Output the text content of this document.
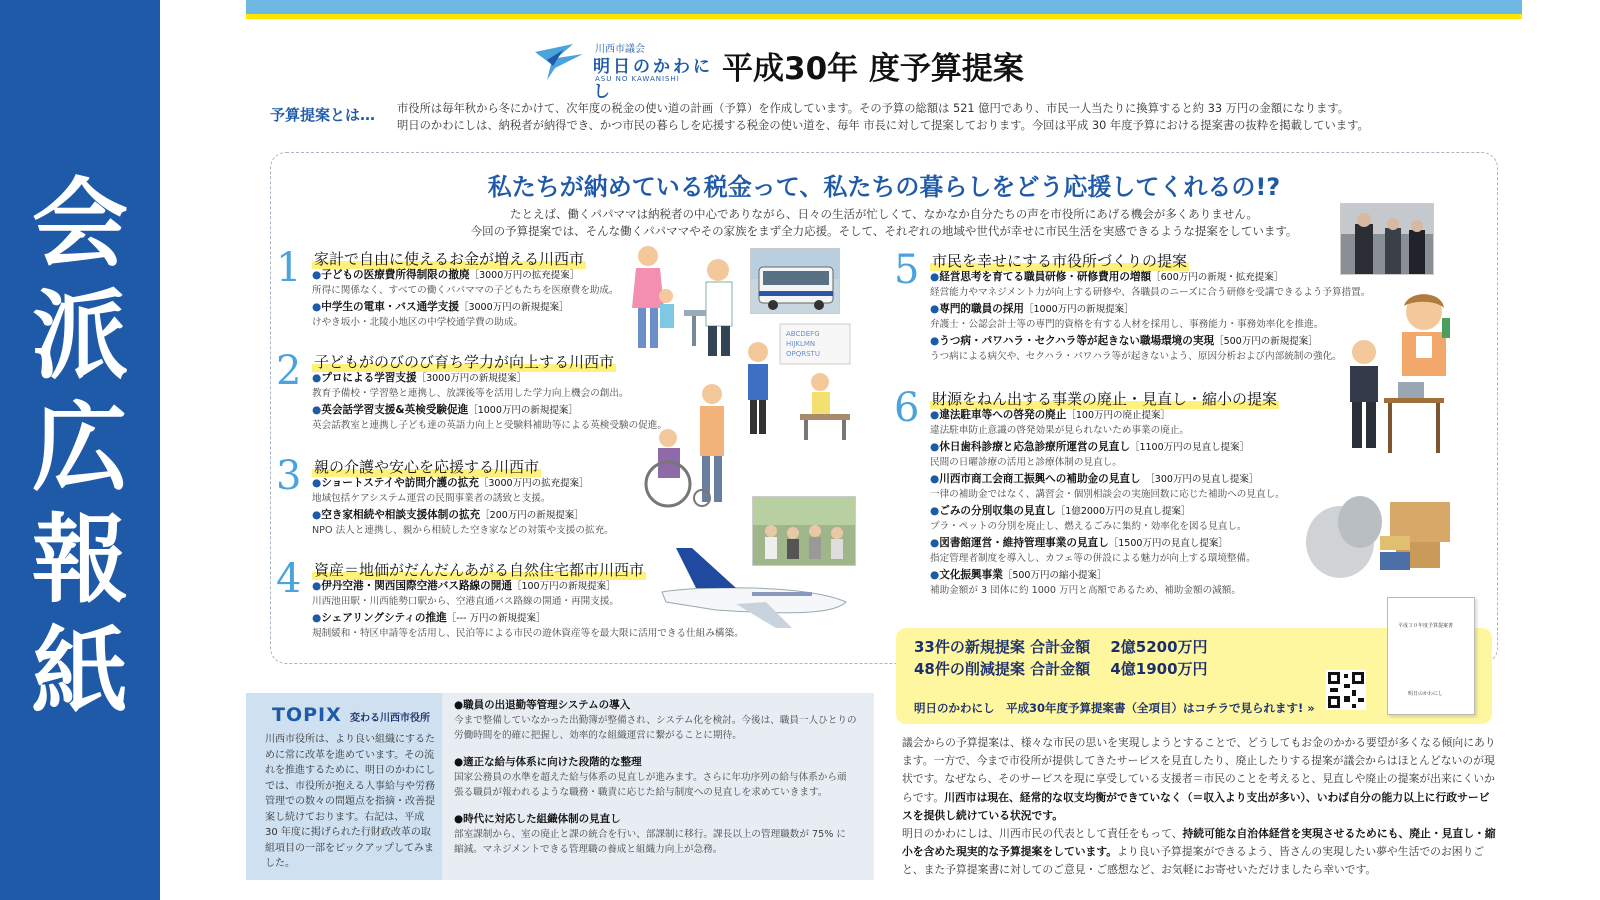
会
派
広
報
紙
川西市議会
明日のかわにし
ASU NO KAWANISHI 平成30年 度予算提案
予算提案とは… 市役所は毎年秋から冬にかけて、次年度の税金の使い道の計画（予算）を作成しています。その予算の総額は 521 億円であり、市民一人当たりに換算すると約 33 万円の金額になります。
明日のかわにしは、納税者が納得でき、かつ市民の暮らしを応援する税金の使い道を、毎年 市長に対して提案しております。今回は平成 30 年度予算における提案書の抜粋を掲載しています。
私たちが納めている税金って、私たちの暮らしをどう応援してくれるの!?
たとえば、働くパパママは納税者の中心でありながら、日々の生活が忙しくて、なかなか自分たちの声を市役所にあげる機会が多くありません。
今回の予算提案では、そんな働くパパママやその家族をまず全力応援。そして、それぞれの地域や世代が幸せに市民生活を実感できるような提案をしています。
1 家計で自由に使えるお金が増える川西市
●子どもの医療費所得制限の撤廃［3000万円の拡充提案］
所得に関係なく、すべての働くパパママの子どもたちを医療費を助成。
●中学生の電車・バス通学支援［3000万円の新規提案］
けやき坂小・北陵小地区の中学校通学費の助成。
2 子どもがのびのび育ち学力が向上する川西市
●プロによる学習支援［3000万円の新規提案］
教育予備校・学習塾と連携し、放課後等を活用した学力向上機会の創出。
●英会話学習支援&英検受験促進［1000万円の新規提案］
英会話教室と連携し子ども達の英語力向上と受験料補助等による英検受験の促進。
3 親の介護や安心を応援する川西市
●ショートステイや訪問介護の拡充［3000万円の拡充提案］
地域包括ケアシステム運営の民間事業者の誘致と支援。
●空き家相続や相談支援体制の拡充［200万円の新規提案］
NPO 法人と連携し、親から相続した空き家などの対策や支援の拡充。
4 資産＝地価がだんだんあがる自然住宅都市川西市
●伊丹空港・関西国際空港バス路線の開通［100万円の新規提案］
川西池田駅・川西能勢口駅から、空港直通バス路線の開通・再開支援。
●シェアリングシティの推進［--- 万円の新規提案］
規制緩和・特区申請等を活用し、民泊等による市民の遊休資産等を最大限に活用できる仕組み構築。
5 市民を幸せにする市役所づくりの提案
●経営思考を育てる職員研修・研修費用の増額［600万円の新規・拡充提案］
経営能力やマネジメント力が向上する研修や、各職員のニーズに合う研修を受講できるよう予算措置。
●専門的職員の採用［1000万円の新規提案］
弁護士・公認会計士等の専門的資格を有する人材を採用し、事務能力・事務効率化を推進。
●うつ病・パワハラ・セクハラ等が起きない職場環境の実現［500万円の新規提案］
うつ病による病欠や、セクハラ・パワハラ等が起きないよう、原因分析および内部統制の強化。
6 財源をねん出する事業の廃止・見直し・縮小の提案
●違法駐車等への啓発の廃止［100万円の廃止提案］
違法駐車防止意識の啓発効果が見られないため事業の廃止。
●休日歯科診療と応急診療所運営の見直し［1100万円の見直し提案］
民間の日曜診療の活用と診療体制の見直し。
●川西市商工会商工振興への補助金の見直し　［300万円の見直し提案］
一律の補助金ではなく、講習会・個別相談会の実施回数に応じた補助への見直し。
●ごみの分別収集の見直し［1億2000万円の見直し提案］
プラ・ペットの分別を廃止し、燃えるごみに集約・効率化を図る見直し。
●図書館運営・維持管理事業の見直し［1500万円の見直し提案］
指定管理者制度を導入し、カフェ等の併設による魅力が向上する環境整備。
●文化振興事業［500万円の縮小提案］
補助金額が 3 団体に約 1000 万円と高額であるため、補助金額の減額。
ABCDEFG
HIJKLMN
OPQRSTU
33件の新規提案 合計金額　 2億5200万円
48件の削減提案 合計金額　 4億1900万円
明日のかわにし　平成30年度予算提案書（全項目）はコチラで見られます! »
平成３０年度予算提案書
明日のかわにし
TOPIX 変わる川西市役所
川西市役所は、より良い組織にするために常に改革を進めています。その流れを推進するために、明日のかわにしでは、市役所が抱える人事給与や労務管理での数々の問題点を指摘・改善提案し続けております。右記は、平成 30 年度に掲げられた行財政改革の取組項目の一部をピックアップしてみました。
●職員の出退勤等管理システムの導入
今まで整備していなかった出勤簿が整備され、システム化を検討。今後は、職員一人ひとりの
労働時間を的確に把握し、効率的な組織運営に繋がることに期待。
●適正な給与体系に向けた段階的な整理
国家公務員の水準を超えた給与体系の見直しが進みます。さらに年功序列の給与体系から頑
張る職員が報われるような職務・職責に応じた給与制度への見直しを求めていきます。
●時代に対応した組織体制の見直し
部室課制から、室の廃止と課の統合を行い、部課制に移行。課長以上の管理職数が 75% に
縮減。マネジメントできる管理職の養成と組織力向上が急務。
議会からの予算提案は、様々な市民の思いを実現しようとすることで、どうしてもお金のかかる要望が多くなる傾向にあります。一方で、今まで市役所が提供してきたサービスを見直したり、廃止したりする提案が議会からはほとんどないのが現状です。なぜなら、そのサービスを現に享受している支援者＝市民のことを考えると、見直しや廃止の提案が出来にくいからです。川西市は現在、経常的な収支均衡ができていなく（＝収入より支出が多い）、いわば自分の能力以上に行政サービスを提供し続けている状況です。
明日のかわにしは、川西市民の代表として責任をもって、持続可能な自治体経営を実現させるためにも、廃止・見直し・縮小を含めた現実的な予算提案をしています。より良い予算提案ができるよう、皆さんの実現したい夢や生活でのお困りごと、また予算提案書に対してのご意見・ご感想など、お気軽にお寄せいただけましたら幸いです。
